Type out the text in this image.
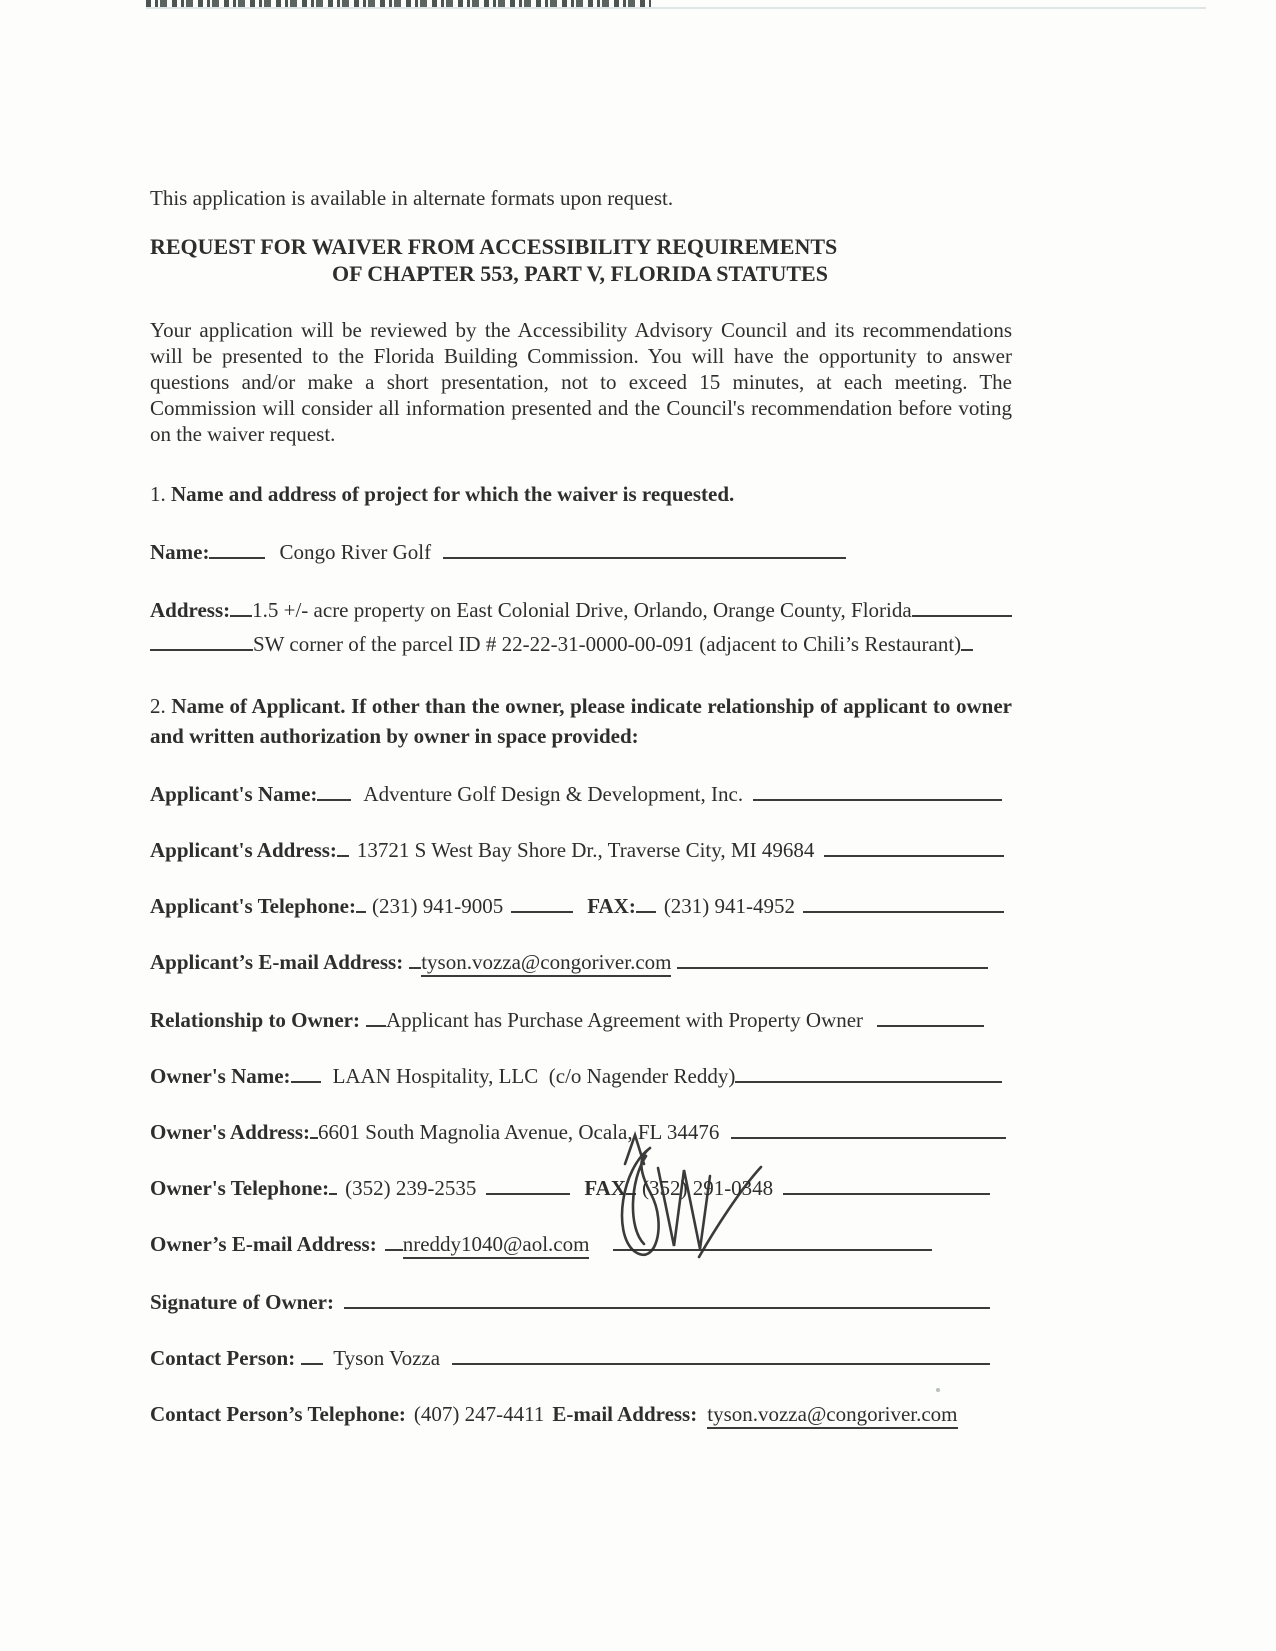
This application is available in alternate formats upon request.
REQUEST FOR WAIVER FROM ACCESSIBILITY REQUIREMENTS
OF CHAPTER 553, PART V, FLORIDA STATUTES
Your application will be reviewed by the Accessibility Advisory Council and its recommendations will be presented to the Florida Building Commission. You will have the opportunity to answer questions and/or make a short presentation, not to exceed 15 minutes, at each meeting. The Commission will consider all information presented and the Council's recommendation before voting on the waiver request.
1. Name and address of project for which the waiver is requested.
Name:	Congo River Golf
Address: 1.5 +/- acre property on East Colonial Drive, Orlando, Orange County, Florida
SW corner of the parcel ID # 22-22-31-0000-00-091 (adjacent to Chili’s Restaurant)
2. Name of Applicant. If other than the owner, please indicate relationship of applicant to owner and written authorization by owner in space provided:
Applicant's Name:	Adventure Golf Design & Development, Inc.
Applicant's Address: 13721 S West Bay Shore Dr., Traverse City, MI 49684
Applicant's Telephone: (231) 941-9005	FAX:	(231) 941-4952
Applicant’s E-mail Address: tyson.vozza@congoriver.com
Relationship to Owner: Applicant has Purchase Agreement with Property Owner
Owner's Name:	LAAN Hospitality, LLC  (c/o Nagender Reddy)
Owner's Address: 6601 South Magnolia Avenue, Ocala, FL 34476
Owner's Telephone: (352) 239-2535	FAX (352) 291-0348
Owner’s E-mail Address: nreddy1040@aol.com
Signature of Owner:
Contact Person:	Tyson Vozza
Contact Person’s Telephone: (407) 247-4411 E-mail Address: tyson.vozza@congoriver.com
